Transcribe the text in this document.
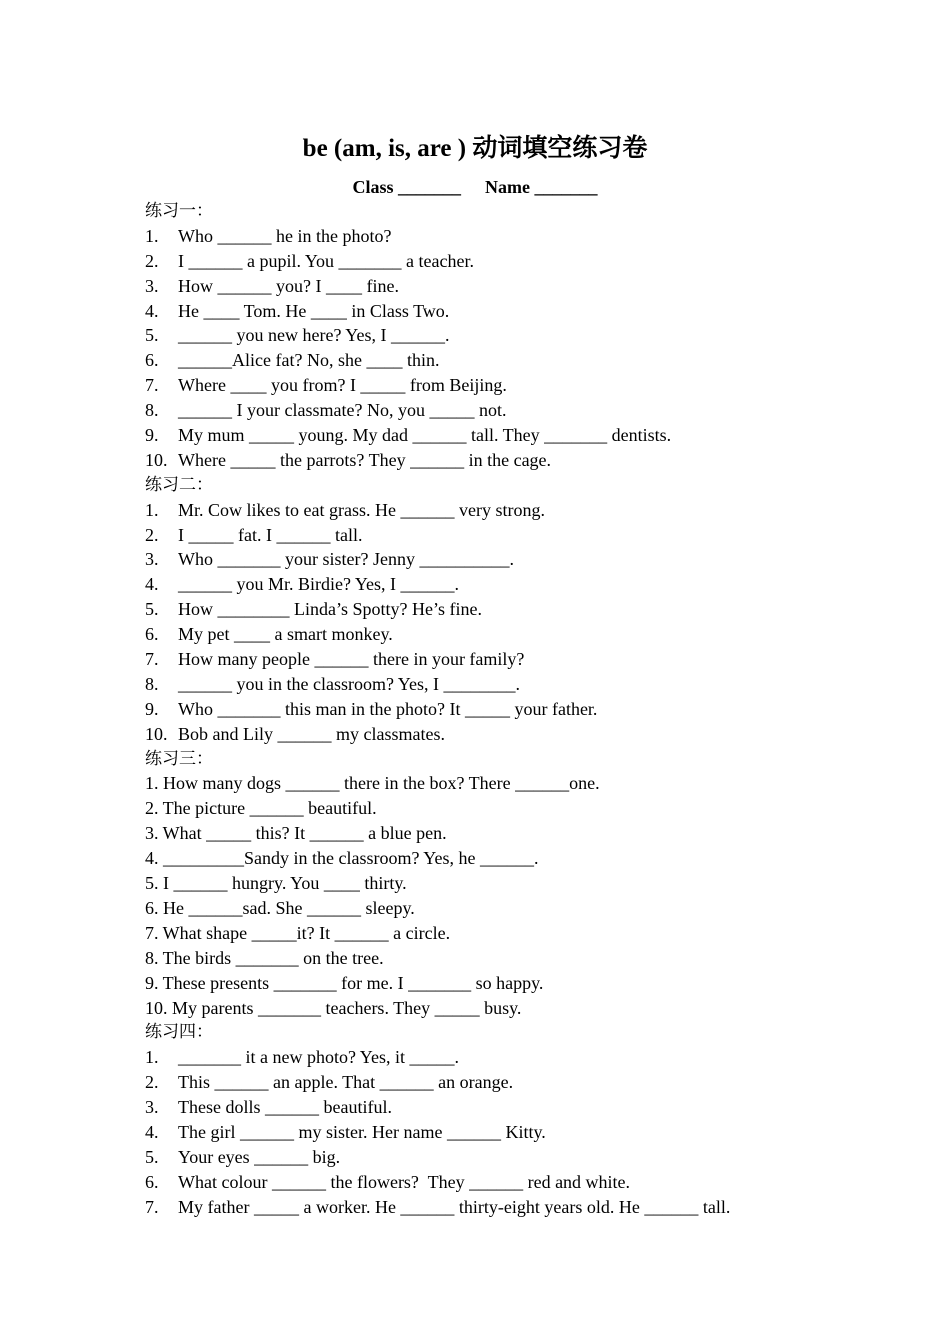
be (am, is, are ) 动词填空练习卷
Class _______ Name _______
练习一：
1. Who ______ he in the photo?
2. I ______ a pupil. You _______ a teacher.
3. How ______ you? I ____ fine.
4. He ____ Tom. He ____ in Class Two.
5. ______ you new here? Yes, I ______.
6. ______Alice fat? No, she ____ thin.
7. Where ____ you from? I _____ from Beijing.
8. ______ I your classmate? No, you _____ not.
9. My mum _____ young. My dad ______ tall. They _______ dentists.
10. Where _____ the parrots? They ______ in the cage.
练习二：
1. Mr. Cow likes to eat grass. He ______ very strong.
2. I _____ fat. I ______ tall.
3. Who _______ your sister? Jenny __________.
4. ______ you Mr. Birdie? Yes, I ______.
5. How ________ Linda’s Spotty? He’s fine.
6. My pet ____ a smart monkey.
7. How many people ______ there in your family?
8. ______ you in the classroom? Yes, I ________.
9. Who _______ this man in the photo? It _____ your father.
10. Bob and Lily ______ my classmates.
练习三：
1. How many dogs ______ there in the box? There ______one.
2. The picture ______ beautiful.
3. What _____ this? It ______ a blue pen.
4. _________Sandy in the classroom? Yes, he ______.
5. I ______ hungry. You ____ thirty.
6. He ______sad. She ______ sleepy.
7. What shape _____it? It ______ a circle.
8. The birds _______ on the tree.
9. These presents _______ for me. I _______ so happy.
10. My parents _______ teachers. They _____ busy.
练习四：
1. _______ it a new photo? Yes, it _____.
2. This ______ an apple. That ______ an orange.
3. These dolls ______ beautiful.
4. The girl ______ my sister. Her name ______ Kitty.
5. Your eyes ______ big.
6. What colour ______ the flowers?  They ______ red and white.
7. My father _____ a worker. He ______ thirty-eight years old. He ______ tall.
